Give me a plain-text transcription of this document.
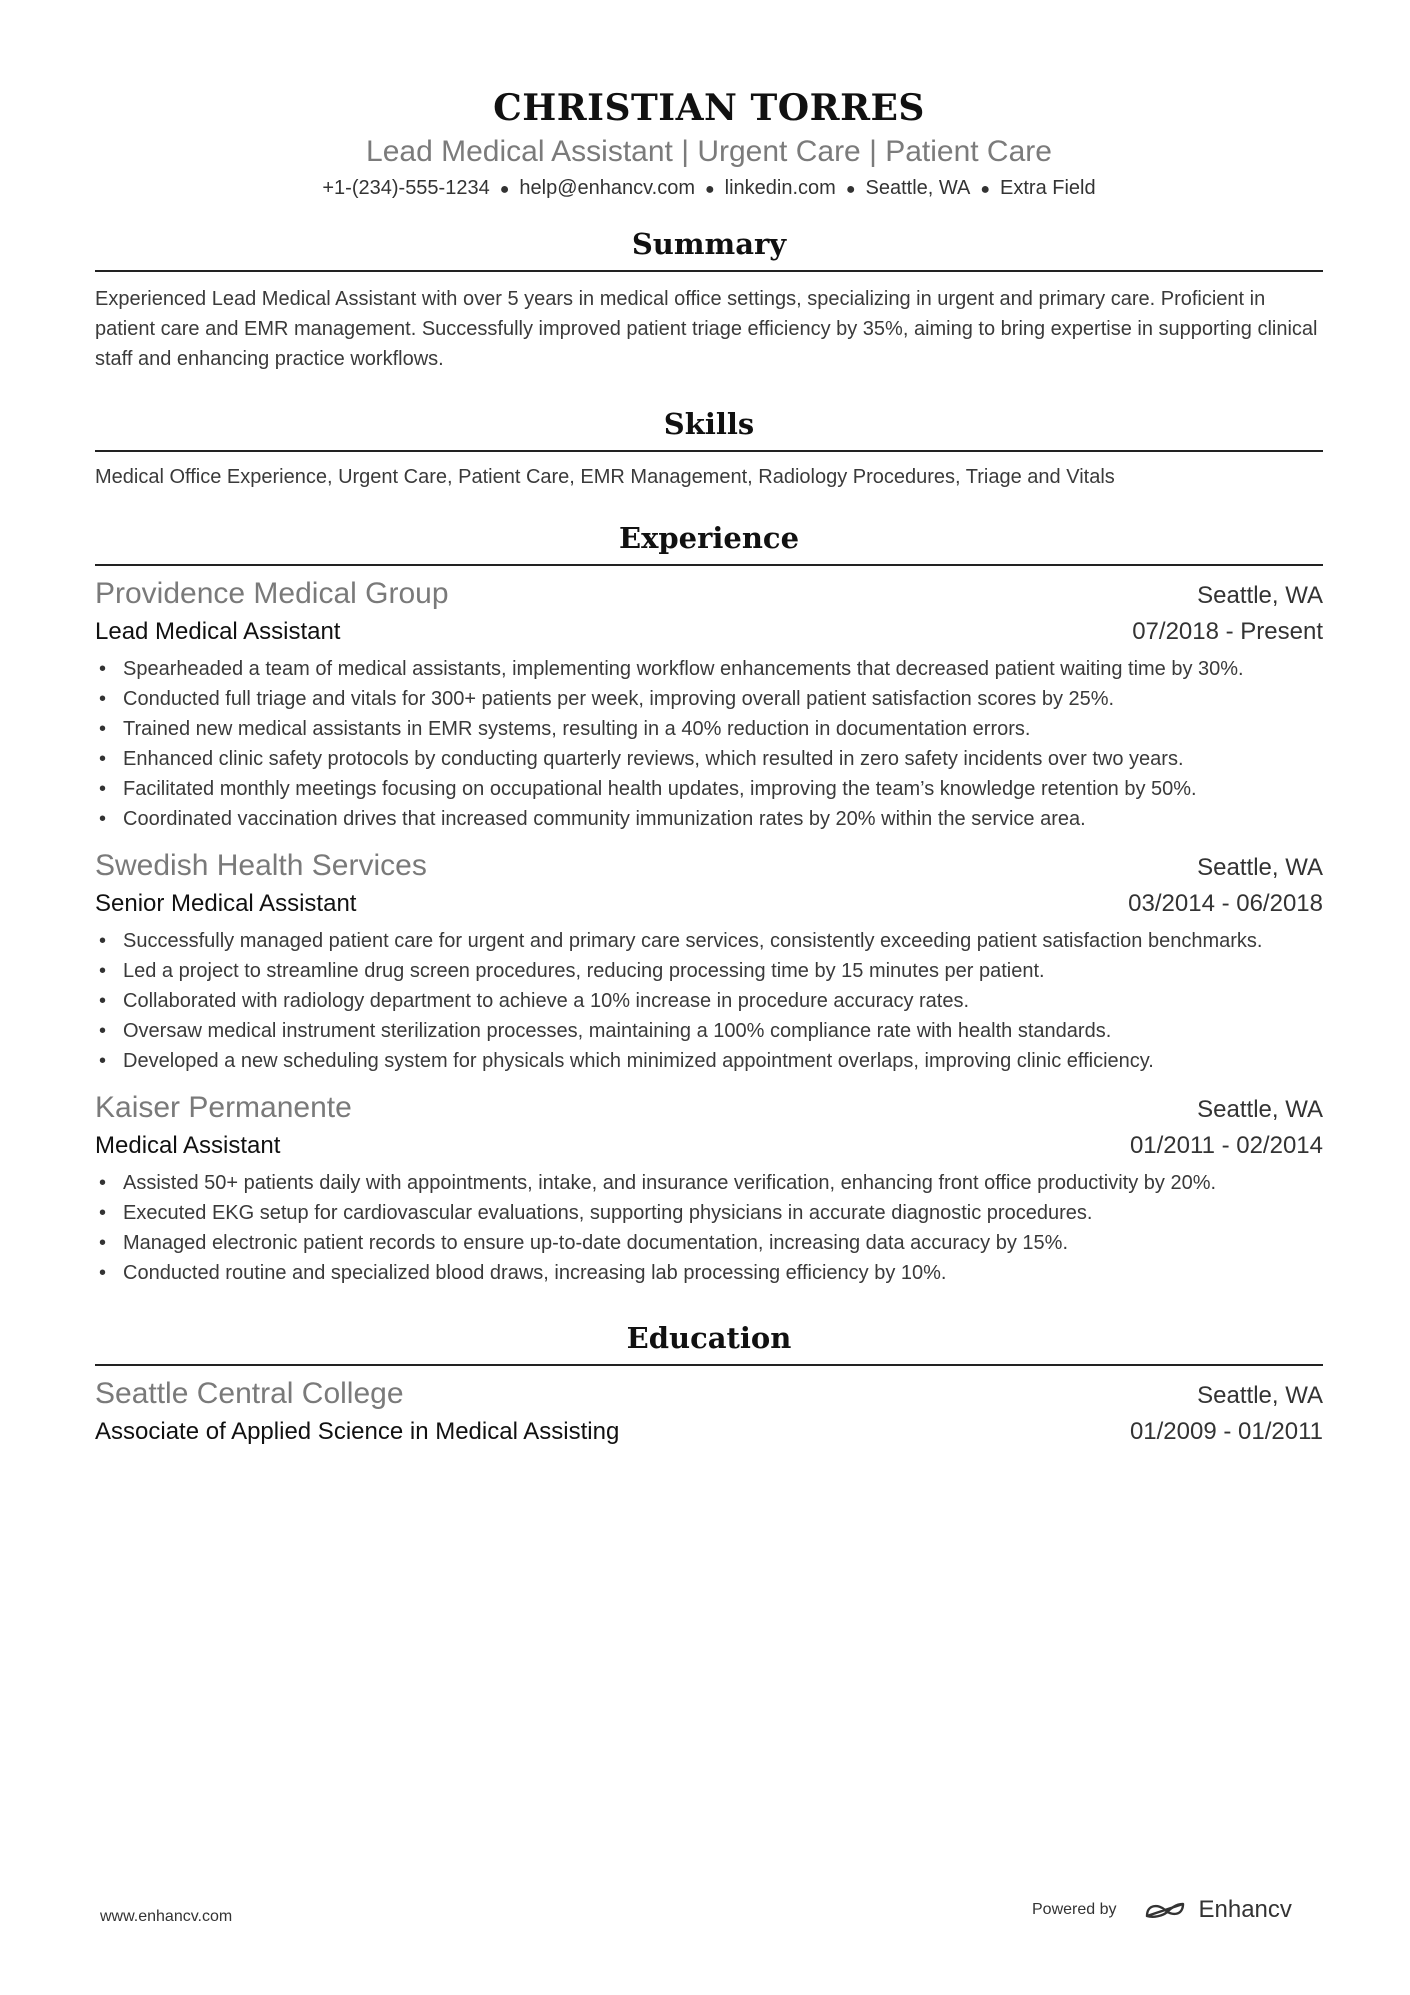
CHRISTIAN TORRES
Lead Medical Assistant | Urgent Care | Patient Care
+1-(234)-555-1234 ● help@enhancv.com ● linkedin.com ● Seattle, WA ● Extra Field
Summary
Experienced Lead Medical Assistant with over 5 years in medical office settings, specializing in urgent and primary care. Proficient in patient care and EMR management. Successfully improved patient triage efficiency by 35%, aiming to bring expertise in supporting clinical staff and enhancing practice workflows.
Skills
Medical Office Experience, Urgent Care, Patient Care, EMR Management, Radiology Procedures, Triage and Vitals
Experience
Providence Medical Group	Seattle, WA
Lead Medical Assistant	07/2018 - Present
• Spearheaded a team of medical assistants, implementing workflow enhancements that decreased patient waiting time by 30%.
• Conducted full triage and vitals for 300+ patients per week, improving overall patient satisfaction scores by 25%.
• Trained new medical assistants in EMR systems, resulting in a 40% reduction in documentation errors.
• Enhanced clinic safety protocols by conducting quarterly reviews, which resulted in zero safety incidents over two years.
• Facilitated monthly meetings focusing on occupational health updates, improving the team’s knowledge retention by 50%.
• Coordinated vaccination drives that increased community immunization rates by 20% within the service area.
Swedish Health Services	Seattle, WA
Senior Medical Assistant	03/2014 - 06/2018
• Successfully managed patient care for urgent and primary care services, consistently exceeding patient satisfaction benchmarks.
• Led a project to streamline drug screen procedures, reducing processing time by 15 minutes per patient.
• Collaborated with radiology department to achieve a 10% increase in procedure accuracy rates.
• Oversaw medical instrument sterilization processes, maintaining a 100% compliance rate with health standards.
• Developed a new scheduling system for physicals which minimized appointment overlaps, improving clinic efficiency.
Kaiser Permanente	Seattle, WA
Medical Assistant	01/2011 - 02/2014
• Assisted 50+ patients daily with appointments, intake, and insurance verification, enhancing front office productivity by 20%.
• Executed EKG setup for cardiovascular evaluations, supporting physicians in accurate diagnostic procedures.
• Managed electronic patient records to ensure up-to-date documentation, increasing data accuracy by 15%.
• Conducted routine and specialized blood draws, increasing lab processing efficiency by 10%.
Education
Seattle Central College	Seattle, WA
Associate of Applied Science in Medical Assisting	01/2009 - 01/2011
www.enhancv.com	Powered by	Enhancv
